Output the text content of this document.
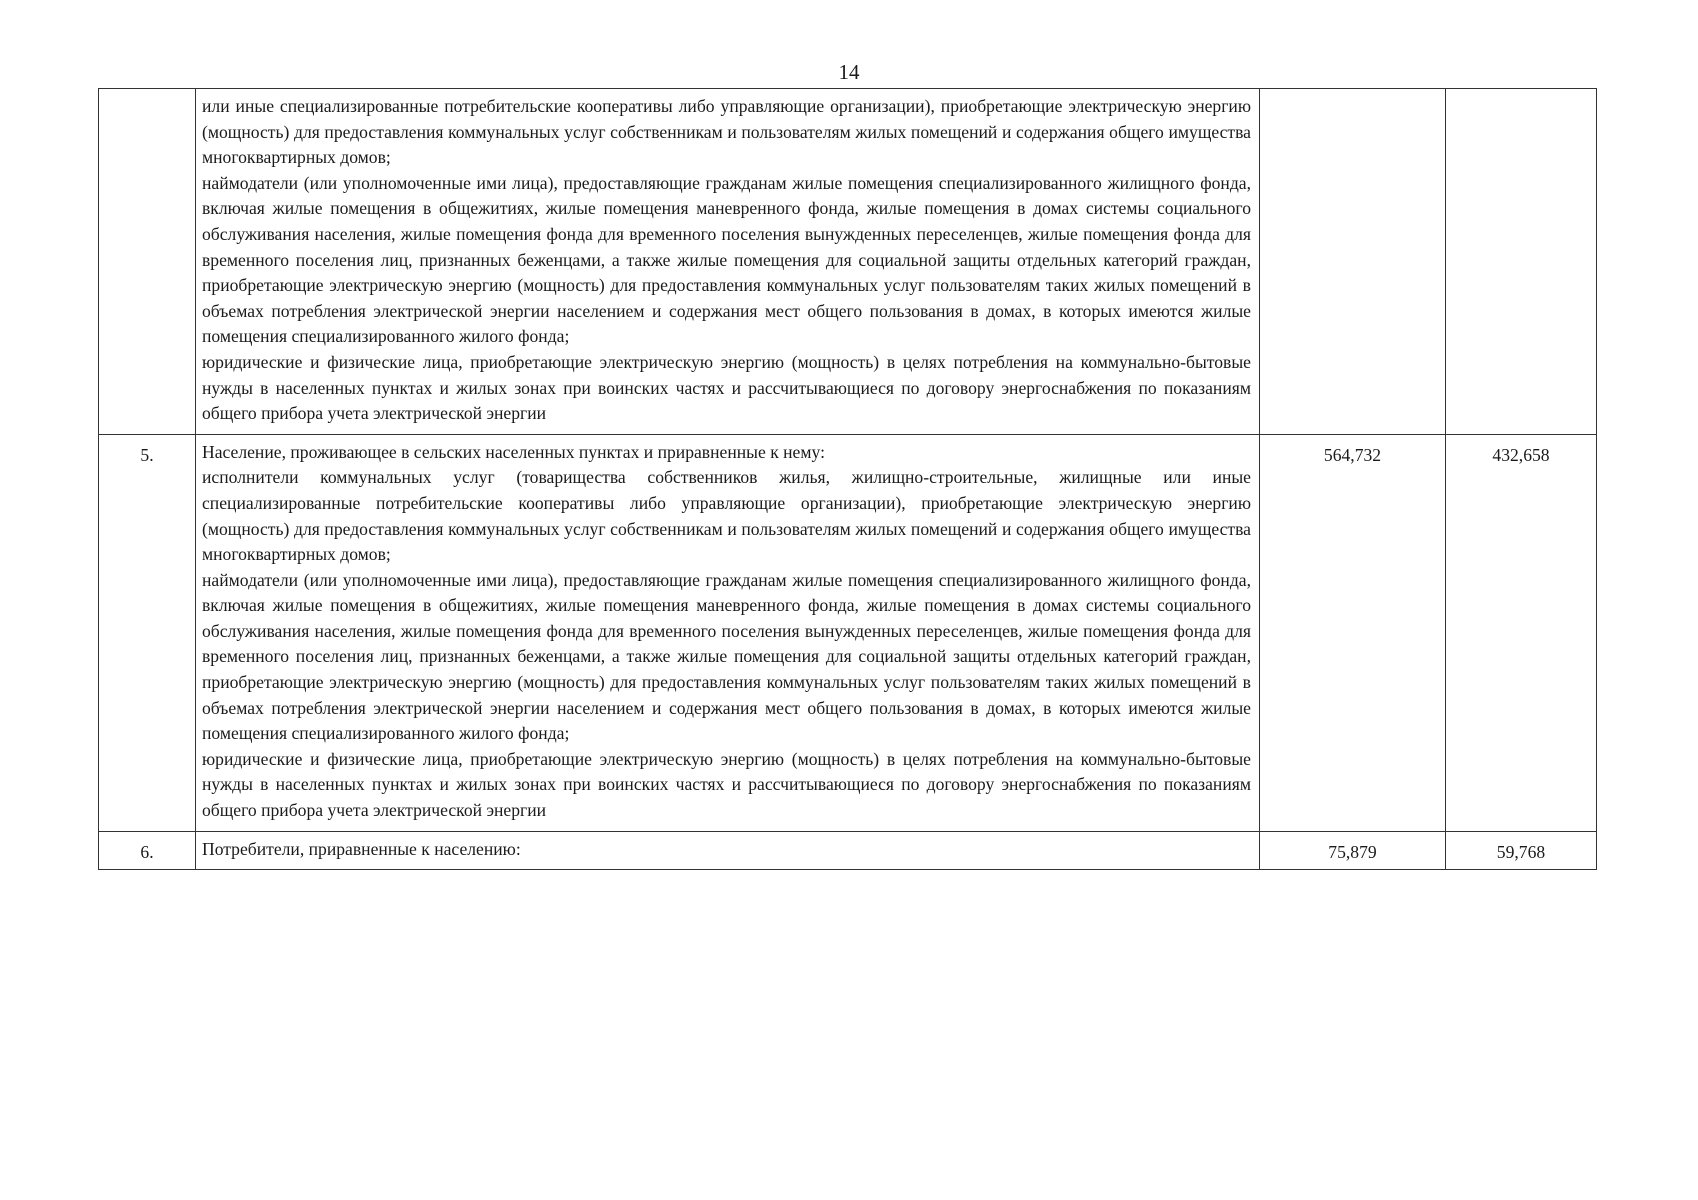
14

	или иные специализированные потребительские кооперативы либо управляющие организации), приобретающие электрическую энергию (мощность) для предоставления коммунальных услуг собственникам и пользователям жилых помещений и содержания общего имущества многоквартирных домов;
наймодатели (или уполномоченные ими лица), предоставляющие гражданам жилые помещения специализированного жилищного фонда, включая жилые помещения в общежитиях, жилые помещения маневренного фонда, жилые помещения в домах системы социального обслуживания населения, жилые помещения фонда для временного поселения вынужденных переселенцев, жилые помещения фонда для временного поселения лиц, признанных беженцами, а также жилые помещения для социальной защиты отдельных категорий граждан, приобретающие электрическую энергию (мощность) для предоставления коммунальных услуг пользователям таких жилых помещений в объемах потребления электрической энергии населением и содержания мест общего пользования в домах, в которых имеются жилые помещения специализированного жилого фонда;
юридические и физические лица, приобретающие электрическую энергию (мощность) в целях потребления на коммунально-бытовые нужды в населенных пунктах и жилых зонах при воинских частях и рассчитывающиеся по договору энергоснабжения по показаниям общего прибора учета электрической энергии		

5.	Население, проживающее в сельских населенных пунктах и приравненные к нему:
исполнители коммунальных услуг (товарищества собственников жилья, жилищно-строительные, жилищные или иные специализированные потребительские кооперативы либо управляющие организации), приобретающие электрическую энергию (мощность) для предоставления коммунальных услуг собственникам и пользователям жилых помещений и содержания общего имущества многоквартирных домов;
наймодатели (или уполномоченные ими лица), предоставляющие гражданам жилые помещения специализированного жилищного фонда, включая жилые помещения в общежитиях, жилые помещения маневренного фонда, жилые помещения в домах системы социального обслуживания населения, жилые помещения фонда для временного поселения вынужденных переселенцев, жилые помещения фонда для временного поселения лиц, признанных беженцами, а также жилые помещения для социальной защиты отдельных категорий граждан, приобретающие электрическую энергию (мощность) для предоставления коммунальных услуг пользователям таких жилых помещений в объемах потребления электрической энергии населением и содержания мест общего пользования в домах, в которых имеются жилые помещения специализированного жилого фонда;
юридические и физические лица, приобретающие электрическую энергию (мощность) в целях потребления на коммунально-бытовые нужды в населенных пунктах и жилых зонах при воинских частях и рассчитывающиеся по договору энергоснабжения по показаниям общего прибора учета электрической энергии	564,732	432,658
6.	Потребители, приравненные к населению:	75,879	59,768
